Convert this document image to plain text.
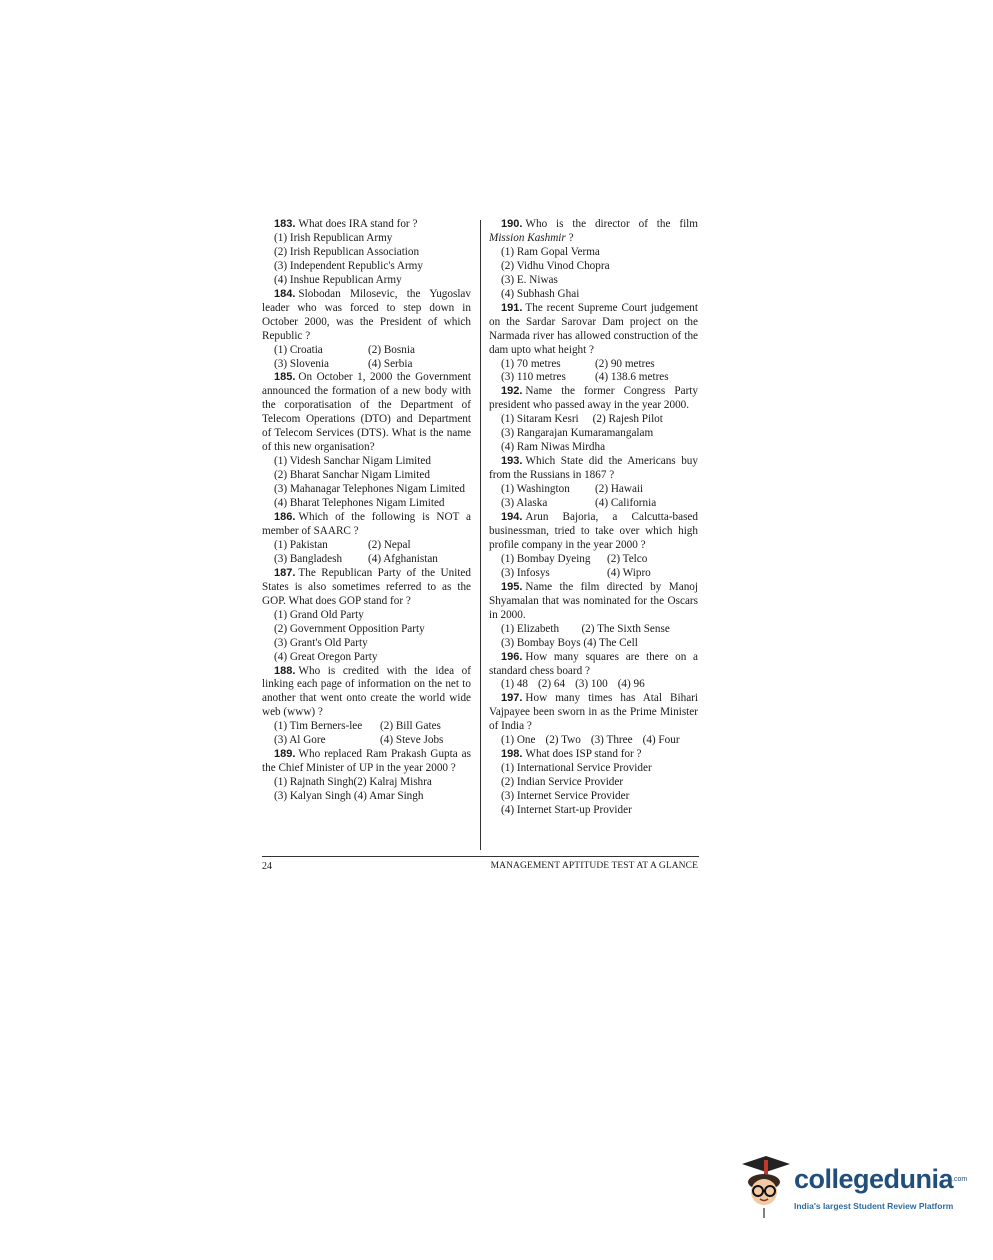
183. What does IRA stand for ?
(1) Irish Republican Army
(2) Irish Republican Association
(3) Independent Republic's Army
(4) Inshue Republican Army
184. Slobodan Milosevic, the Yugoslav leader who was forced to step down in October 2000, was the President of which Republic ?
(1) Croatia	(2) Bosnia
(3) Slovenia	(4) Serbia
185. On October 1, 2000 the Government announced the formation of a new body with the corporatisation of the Department of Telecom Operations (DTO) and Department of Telecom Services (DTS). What is the name of this new organisation?
(1) Videsh Sanchar Nigam Limited
(2) Bharat Sanchar Nigam Limited
(3) Mahanagar Telephones Nigam Limited
(4) Bharat Telephones Nigam Limited
186. Which of the following is NOT a member of SAARC ?
(1) Pakistan	(2) Nepal
(3) Bangladesh	(4) Afghanistan
187. The Republican Party of the United States is also sometimes referred to as the GOP. What does GOP stand for ?
(1) Grand Old Party
(2) Government Opposition Party
(3) Grant's Old Party
(4) Great Oregon Party
188. Who is credited with the idea of linking each page of information on the net to another that went onto create the world wide web (www) ?
(1) Tim Berners-lee	(2) Bill Gates
(3) Al Gore	(4) Steve Jobs
189. Who replaced Ram Prakash Gupta as the Chief Minister of UP in the year 2000 ?
(1) Rajnath Singh(2) Kalraj Mishra
(3) Kalyan Singh (4) Amar Singh
190. Who is the director of the film Mission Kashmir ?
(1) Ram Gopal Verma
(2) Vidhu Vinod Chopra
(3) E. Niwas
(4) Subhash Ghai
191. The recent Supreme Court judgement on the Sardar Sarovar Dam project on the Narmada river has allowed construction of the dam upto what height ?
(1) 70 metres	(2) 90 metres
(3) 110 metres	(4) 138.6 metres
192. Name the former Congress Party president who passed away in the year 2000.
(1) Sitaram Kesri     (2) Rajesh Pilot
(3) Rangarajan Kumaramangalam
(4) Ram Niwas Mirdha
193. Which State did the Americans buy from the Russians in 1867 ?
(1) Washington	(2) Hawaii
(3) Alaska	(4) California
194. Arun Bajoria, a Calcutta-based businessman, tried to take over which high profile company in the year 2000 ?
(1) Bombay Dyeing	(2) Telco
(3) Infosys	(4) Wipro
195. Name the film directed by Manoj Shyamalan that was nominated for the Oscars in 2000.
(1) Elizabeth        (2) The Sixth Sense
(3) Bombay Boys (4) The Cell
196. How many squares are there on a standard chess board ?
(1) 48 (2) 64 (3) 100 (4) 96
197. How many times has Atal Bihari Vajpayee been sworn in as the Prime Minister of India ?
(1) One (2) Two (3) Three (4) Four
198. What does ISP stand for ?
(1) International Service Provider
(2) Indian Service Provider
(3) Internet Service Provider
(4) Internet Start-up Provider
24	MANAGEMENT APTITUDE TEST AT A GLANCE
collegedunia
.com
India's largest Student Review Platform
